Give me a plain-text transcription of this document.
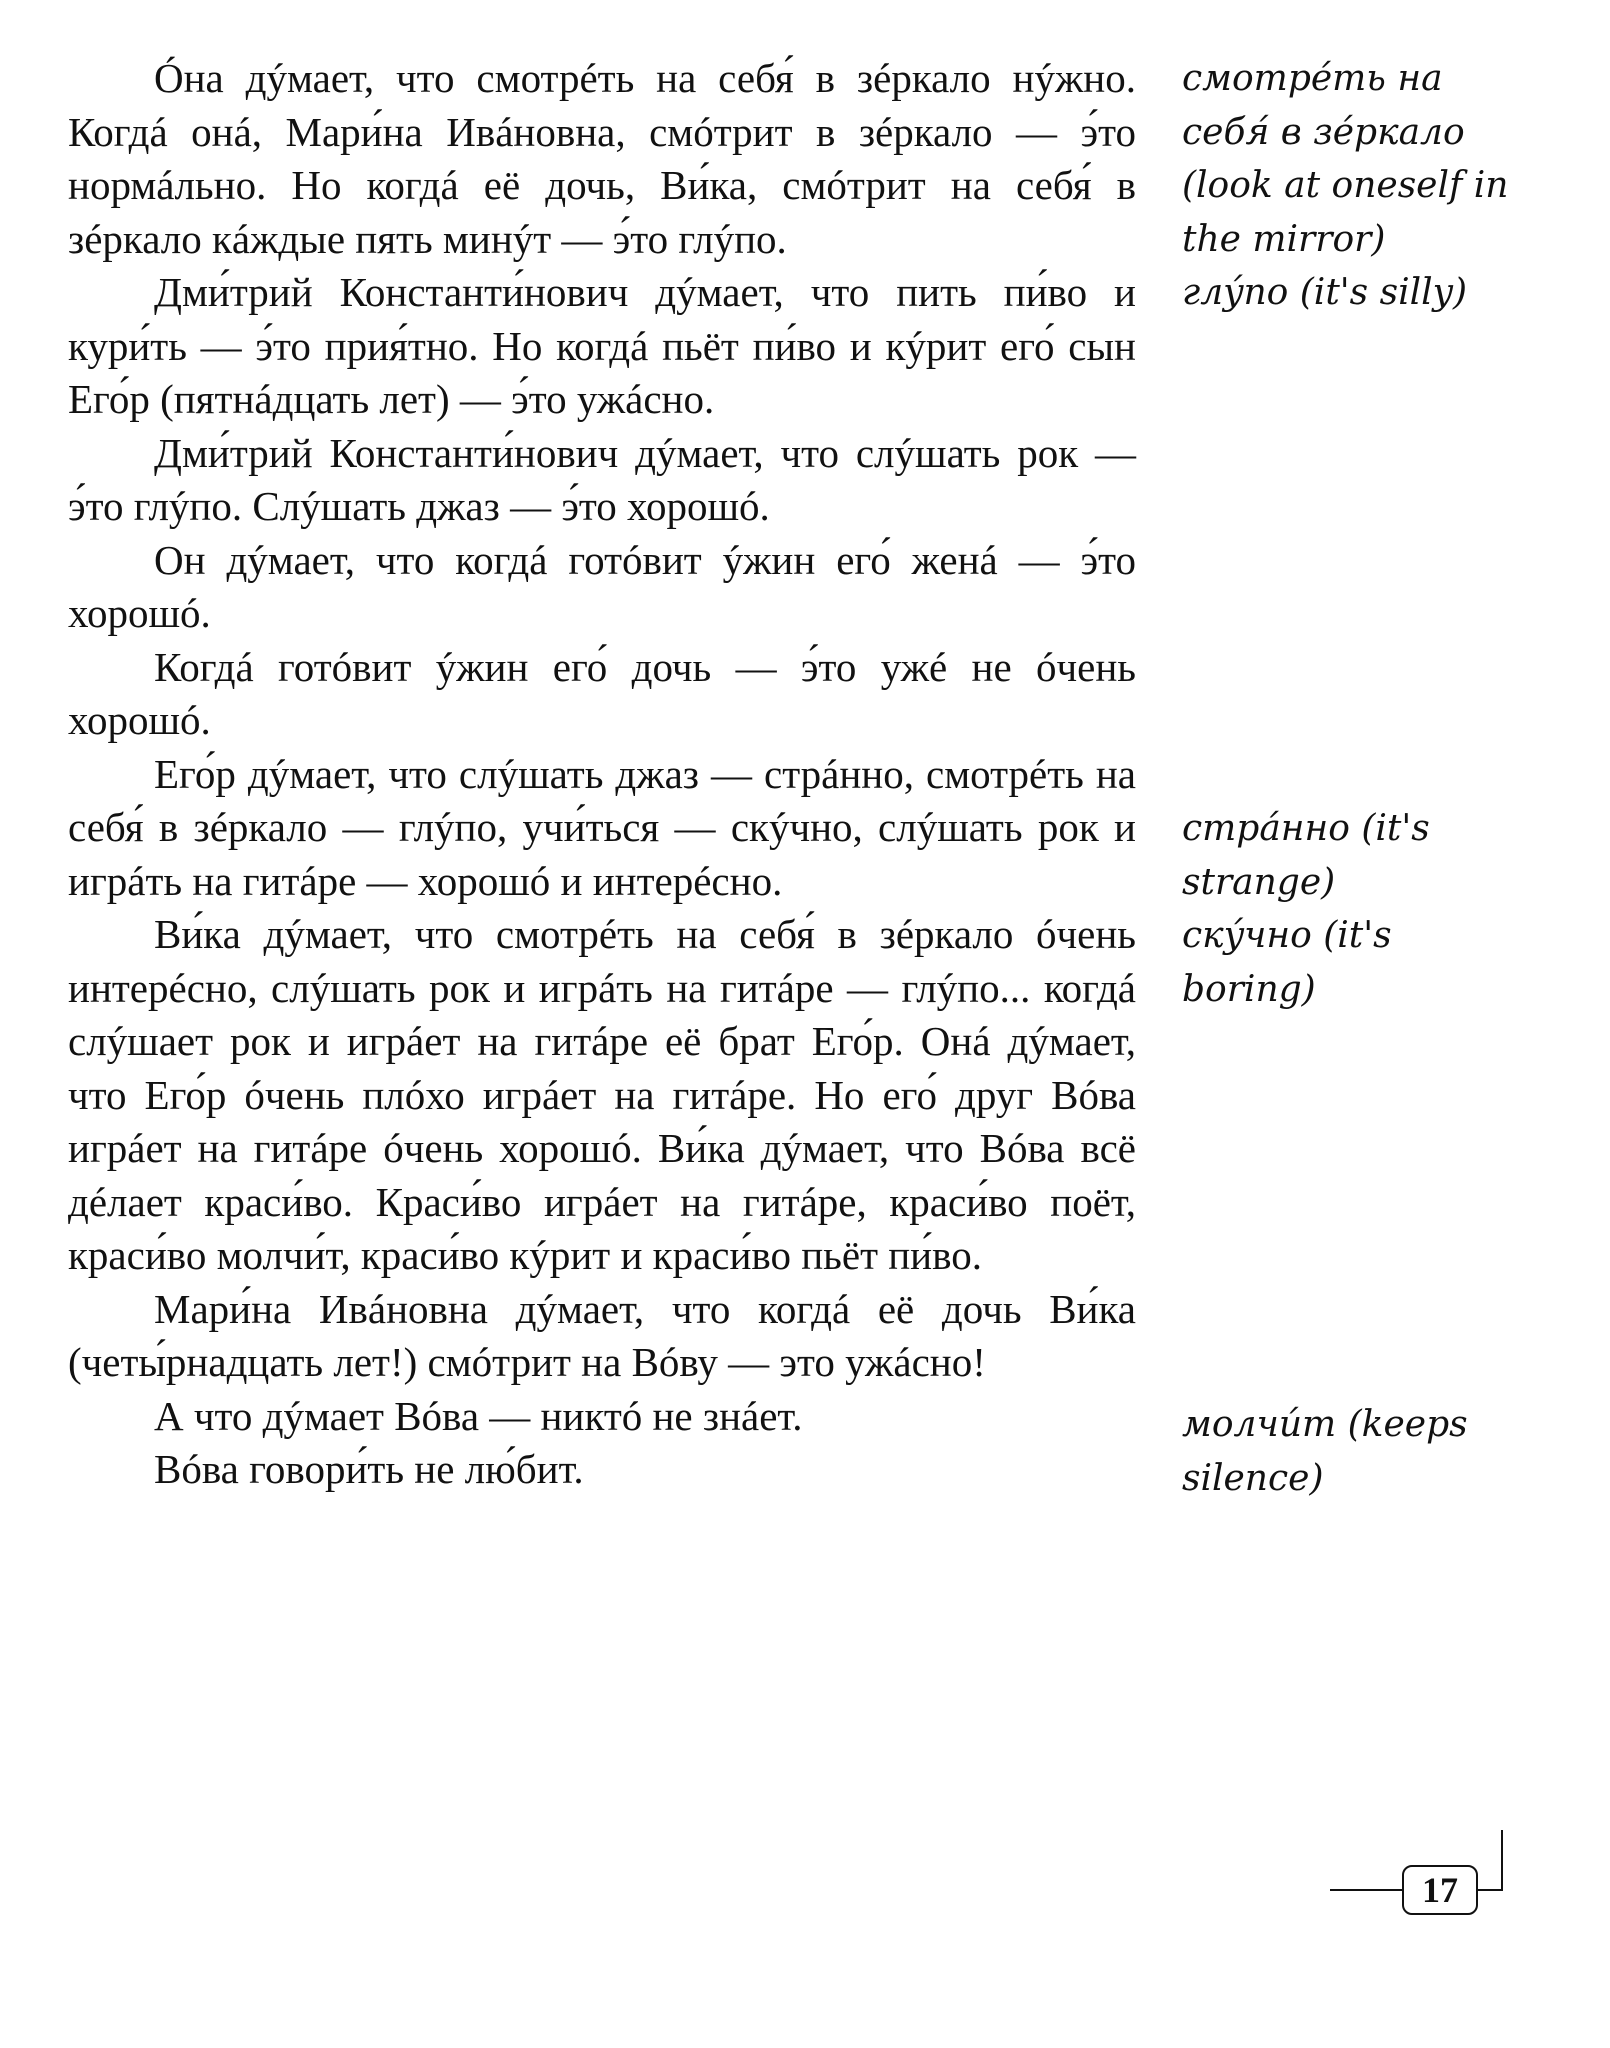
Óна дýмает, что смотрéть на себя́ в зéркало нýжно. Когдá онá, Мари́на Ивáновна, смóтрит в зéркало — э́то нормáльно. Но когдá её дочь, Ви́ка, смóтрит на себя́ в зéркало кáждые пять минýт — э́то глýпо.

Дми́трий Константи́нович дýмает, что пить пи́во и кури́ть — э́то прия́тно. Но когдá пьёт пи́во и кýрит его́ сын Его́р (пятнáдцать лет) — э́то ужáсно.

Дми́трий Константи́нович дýмает, что слýшать рок — э́то глýпо. Слýшать джаз — э́то хорошó.

Он дýмает, что когдá готóвит ýжин его́ женá — э́то хорошó.

Когдá готóвит ýжин его́ дочь — э́то ужé не óчень хорошó.

Его́р дýмает, что слýшать джаз — стрáнно, смотрéть на себя́ в зéркало — глýпо, учи́ться — скýчно, слýшать рок и игрáть на гитáре — хорошó и интерéсно.

Ви́ка дýмает, что смотрéть на себя́ в зéркало óчень интерéсно, слýшать рок и игрáть на гитáре — глýпо... когдá слýшает рок и игрáет на гитáре её брат Его́р. Онá дýмает, что Его́р óчень плóхо игрáет на гитáре. Но его́ друг Вóва игрáет на гитáре óчень хорошó. Ви́ка дýмает, что Вóва всё дéлает краси́во. Краси́во игрáет на гитáре, краси́во поёт, краси́во молчи́т, краси́во кýрит и краси́во пьёт пи́во.

Мари́на Ивáновна дýмает, что когдá её дочь Ви́ка (четы́рнадцать лет!) смóтрит на Вóву — это ужáсно!

А что дýмает Вóва — никтó не знáет.

Вóва говори́ть не лю́бит.

смотрéть на
себя́ в зéркало
(look at oneself in
the mirror)
глýпо (it's silly)
стрáнно (it's
strange)
скýчно (it's
boring)
молчи́т (keeps
silence)
17
